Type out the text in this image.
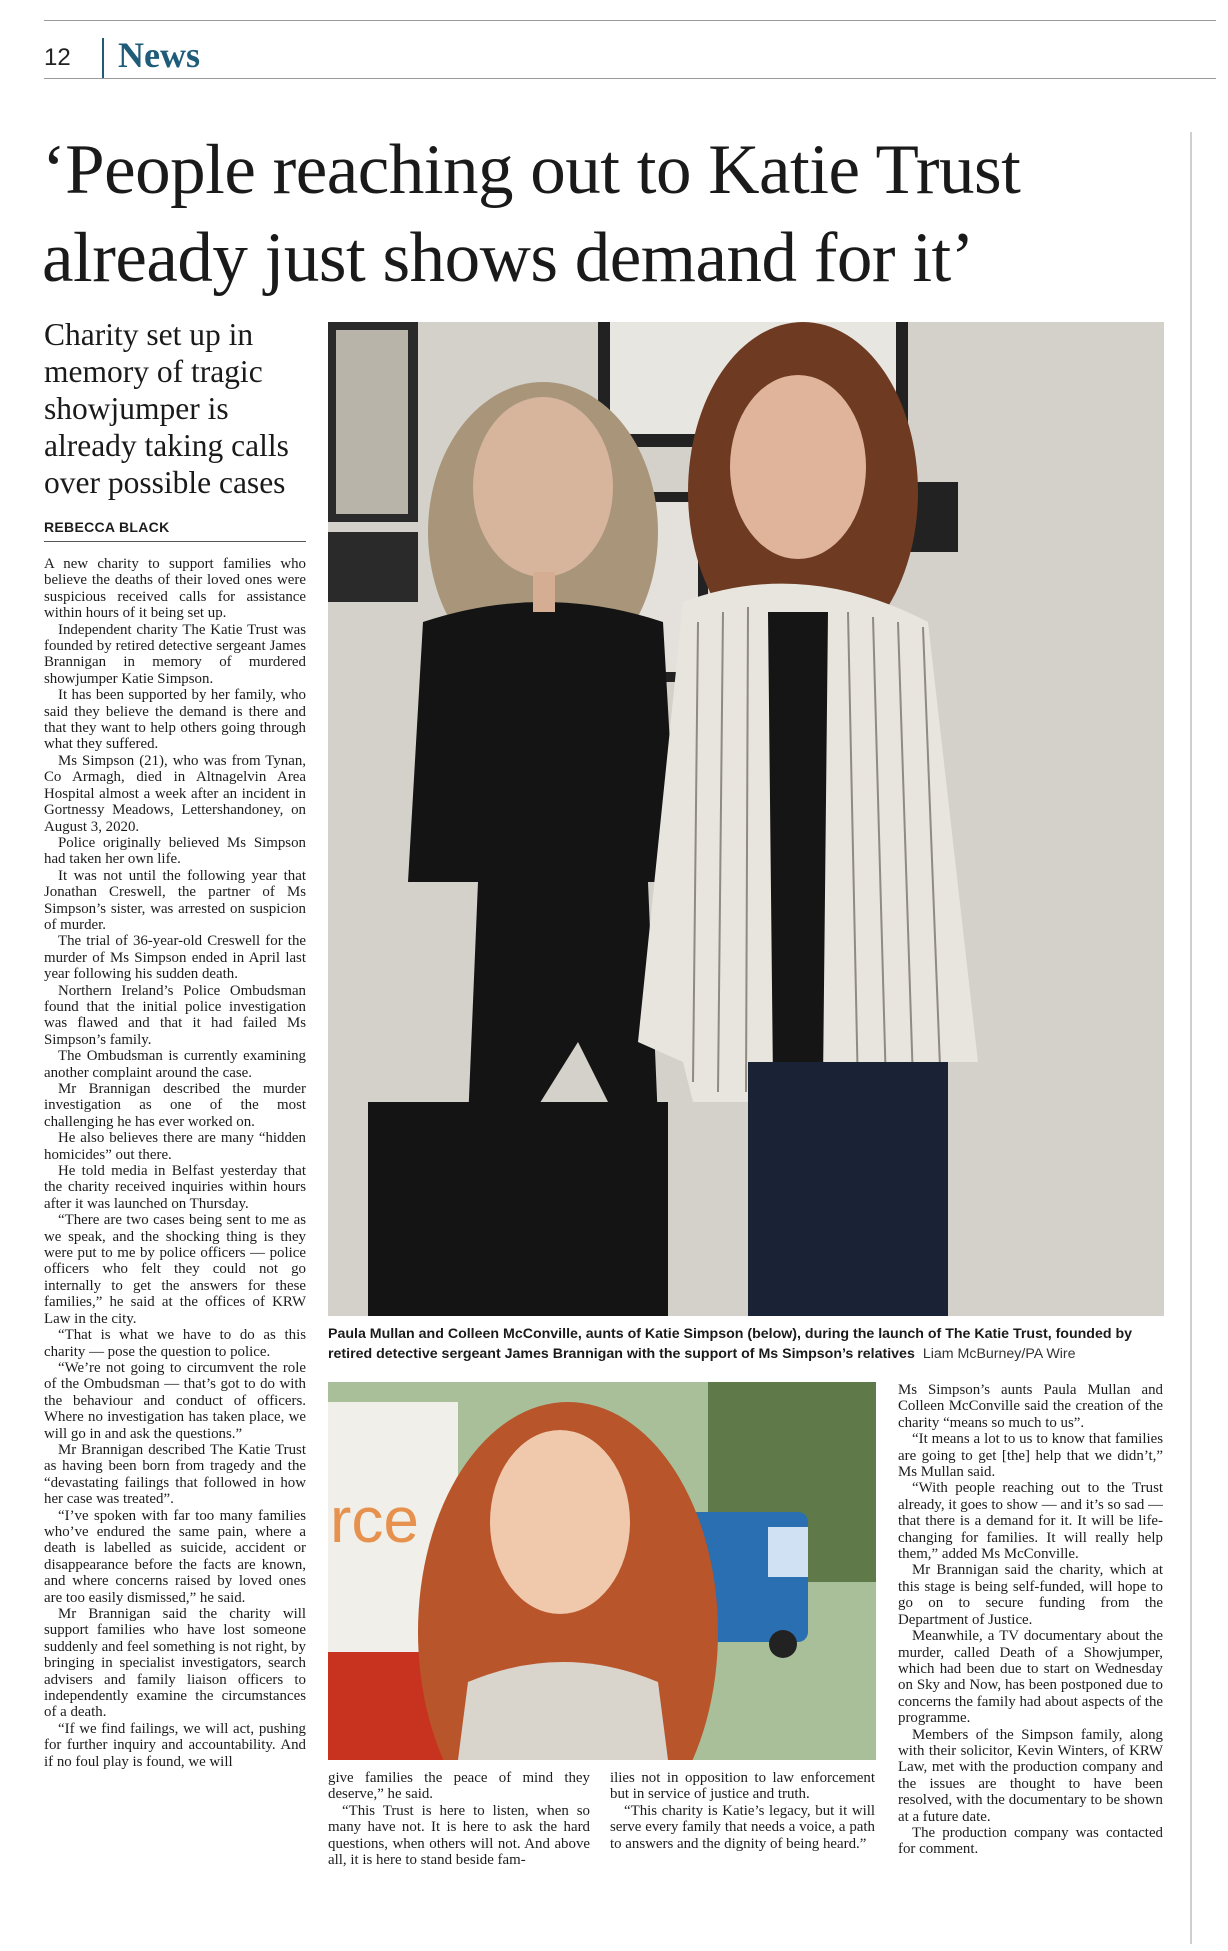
12 News
‘People reaching out to Katie Trust already just shows demand for it’

Charity set up in memory of tragic showjumper is already taking calls over possible cases

REBECCA BLACK
Paula Mullan and Colleen McConville, aunts of Katie Simpson (below), during the launch of The Katie Trust, founded by retired detective sergeant James Brannigan with the support of Ms Simpson’s relatives Liam McBurney/PA Wire
rce

A new charity to support families who believe the deaths of their loved ones were suspicious received calls for assistance within hours of it being set up.

Independent charity The Katie Trust was founded by retired detective sergeant James Brannigan in memory of murdered showjumper Katie Simpson.

It has been supported by her family, who said they believe the demand is there and that they want to help others going through what they suffered.

Ms Simpson (21), who was from Tynan, Co Armagh, died in Altnagelvin Area Hospital almost a week after an incident in Gortnessy Meadows, Lettershandoney, on August 3, 2020.

Police originally believed Ms Simpson had taken her own life.

It was not until the following year that Jonathan Creswell, the partner of Ms Simpson’s sister, was arrested on suspicion of murder.

The trial of 36-year-old Creswell for the murder of Ms Simpson ended in April last year following his sudden death.

Northern Ireland’s Police Ombudsman found that the initial police investigation was flawed and that it had failed Ms Simpson’s family.

The Ombudsman is currently examining another complaint around the case.

Mr Brannigan described the murder investigation as one of the most challenging he has ever worked on.

He also believes there are many “hidden homicides” out there.

He told media in Belfast yesterday that the charity received inquiries within hours after it was launched on Thursday.

“There are two cases being sent to me as we speak, and the shocking thing is they were put to me by police officers — police officers who felt they could not go internally to get the answers for these families,” he said at the offices of KRW Law in the city.

“That is what we have to do as this charity — pose the question to police.

“We’re not going to circumvent the role of the Ombudsman — that’s got to do with the behaviour and conduct of officers. Where no investigation has taken place, we will go in and ask the questions.”

Mr Brannigan described The Katie Trust as having been born from tragedy and the “devastating failings that followed in how her case was treated”.

“I’ve spoken with far too many families who’ve endured the same pain, where a death is labelled as suicide, accident or disappearance before the facts are known, and where concerns raised by loved ones are too easily dismissed,” he said.

Mr Brannigan said the charity will support families who have lost someone suddenly and feel something is not right, by bringing in specialist investigators, search advisers and family liaison officers to independently examine the circumstances of a death.

“If we find failings, we will act, pushing for further inquiry and accountability. And if no foul play is found, we will

give families the peace of mind they deserve,” he said.

“This Trust is here to listen, when so many have not. It is here to ask the hard questions, when others will not. And above all, it is here to stand beside fam-

ilies not in opposition to law enforcement but in service of justice and truth.

“This charity is Katie’s legacy, but it will serve every family that needs a voice, a path to answers and the dignity of being heard.”

Ms Simpson’s aunts Paula Mullan and Colleen McConville said the creation of the charity “means so much to us”.

“It means a lot to us to know that families are going to get [the] help that we didn’t,” Ms Mullan said.

“With people reaching out to the Trust already, it goes to show — and it’s so sad — that there is a demand for it. It will be life-changing for families. It will really help them,” added Ms McConville.

Mr Brannigan said the charity, which at this stage is being self-funded, will hope to go on to secure funding from the Department of Justice.

Meanwhile, a TV documentary about the murder, called Death of a Showjumper, which had been due to start on Wednesday on Sky and Now, has been postponed due to concerns the family had about aspects of the programme.

Members of the Simpson family, along with their solicitor, Kevin Winters, of KRW Law, met with the production company and the issues are thought to have been resolved, with the documentary to be shown at a future date.

The production company was contacted for comment.
